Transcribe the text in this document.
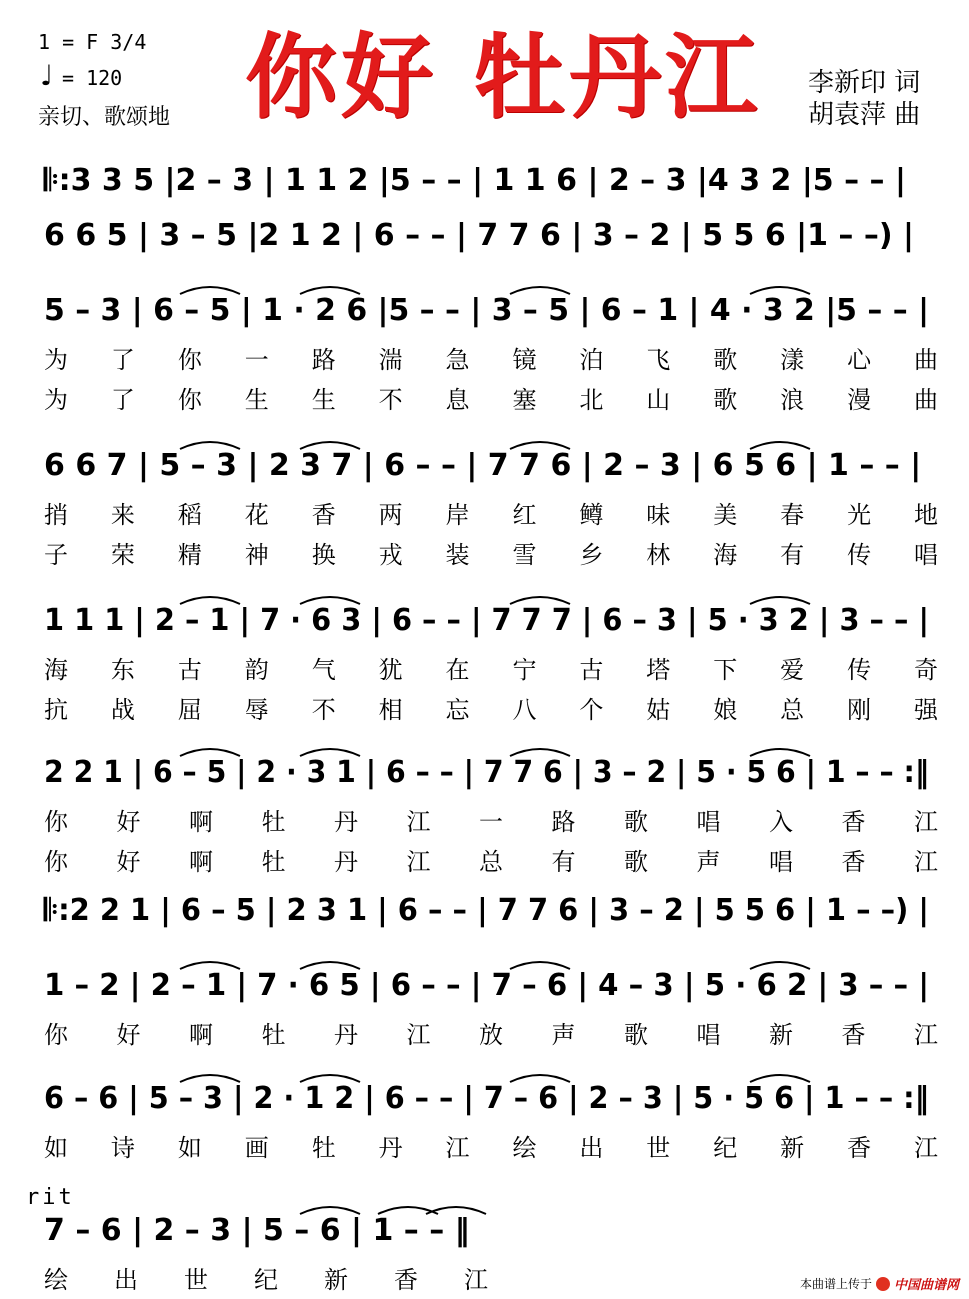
1 = F 3/4
♩ = 120
亲切、歌颂地 你好 牡丹江 李新印 词
胡袁萍 曲
𝄆:3 3 5 |2 – 3 | 1 1 2 |5 – – | 1 1 6 | 2 – 3 |4 3 2 |5 – – |
6 6 5 | 3 – 5 |2 1 2 | 6 – – | 7 7 6 | 3 – 2 | 5 5 6 |1 – –) |
5 – 3 | 6 – 5 | 1 · 2 6 |5 – – | 3 – 5 | 6 – 1 | 4 · 3 2 |5 – – |
为 了 你 一 路 湍 急 镜 泊 飞 歌 漾 心 曲
为 了 你 生 生 不 息 塞 北 山 歌 浪 漫 曲
6 6 7 | 5 – 3 | 2 3 7 | 6 – – | 7 7 6 | 2 – 3 | 6 5 6 | 1 – – |
捎 来 稻 花 香 两 岸 红 鳟 味 美 春 光 地
子 荣 精 神 换 戎 装 雪 乡 林 海 有 传 唱
1 1 1 | 2 – 1 | 7 · 6 3 | 6 – – | 7 7 7 | 6 – 3 | 5 · 3 2 | 3 – – |
海 东 古 韵 气 犹 在 宁 古 塔 下 爱 传 奇
抗 战 屈 辱 不 相 忘 八 个 姑 娘 总 刚 强
2 2 1 | 6 – 5 | 2 · 3 1 | 6 – – | 7 7 6 | 3 – 2 | 5 · 5 6 | 1 – – :‖
你 好 啊 牡 丹 江 一 路 歌 唱 入 香 江
你 好 啊 牡 丹 江 总 有 歌 声 唱 香 江
𝄆:2 2 1 | 6 – 5 | 2 3 1 | 6 – – | 7 7 6 | 3 – 2 | 5 5 6 | 1 – –) |
1 – 2 | 2 – 1 | 7 · 6 5 | 6 – – | 7 – 6 | 4 – 3 | 5 · 6 2 | 3 – – |
你 好 啊 牡 丹 江 放 声 歌 唱 新 香 江
6 – 6 | 5 – 3 | 2 · 1 2 | 6 – – | 7 – 6 | 2 – 3 | 5 · 5 6 | 1 – – :‖
如 诗 如 画 牡 丹 江 绘 出 世 纪 新 香 江
7 – 6 | 2 – 3 | 5 – 6 | 1 – – ‖
绘 出 世 纪 新 香 江
rit
本曲谱上传于 中国曲谱网
